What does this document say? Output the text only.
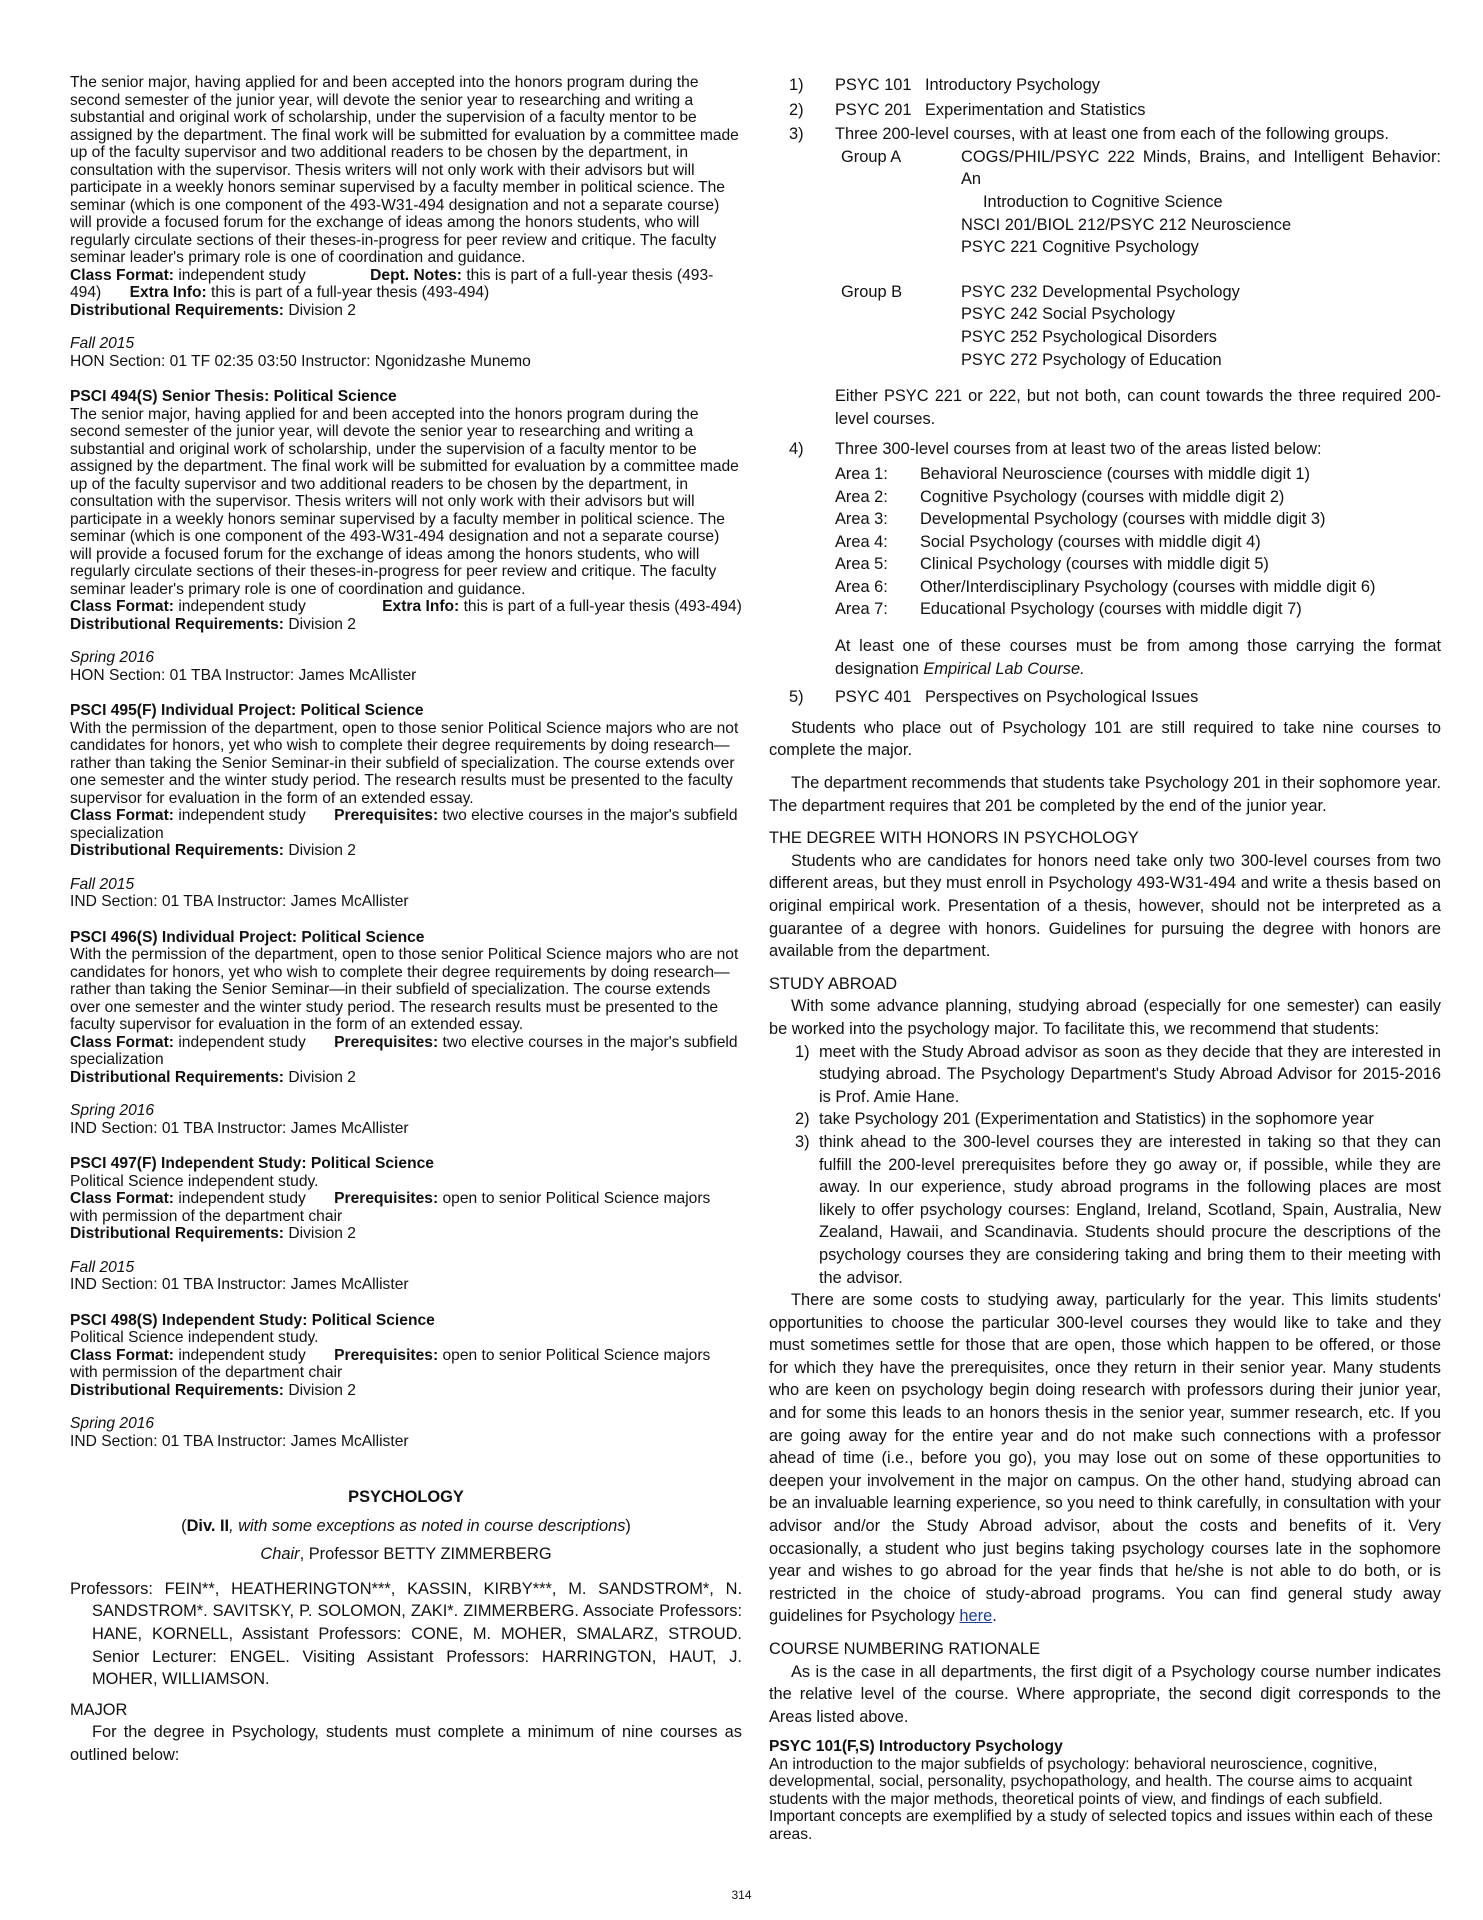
The senior major, having applied for and been accepted into the honors program during the second semester of the junior year, will devote the senior year to researching and writing a substantial and original work of scholarship, under the supervision of a faculty mentor to be assigned by the department. The final work will be submitted for evaluation by a committee made up of the faculty supervisor and two additional readers to be chosen by the department, in consultation with the supervisor. Thesis writers will not only work with their advisors but will participate in a weekly honors seminar supervised by a faculty member in political science. The seminar (which is one component of the 493-W31-494 designation and not a separate course) will provide a focused forum for the exchange of ideas among the honors students, who will regularly circulate sections of their theses-in-progress for peer review and critique. The faculty seminar leader's primary role is one of coordination and guidance.

Class Format: independent study	Dept. Notes: this is part of a full-year thesis (493-494) Extra Info: this is part of a full-year thesis (493-494)

Distributional Requirements: Division 2

Fall 2015

HON Section: 01 TF 02:35 03:50 Instructor: Ngonidzashe Munemo

PSCI 494(S) Senior Thesis: Political Science

The senior major, having applied for and been accepted into the honors program during the second semester of the junior year, will devote the senior year to researching and writing a substantial and original work of scholarship, under the supervision of a faculty mentor to be assigned by the department. The final work will be submitted for evaluation by a committee made up of the faculty supervisor and two additional readers to be chosen by the department, in consultation with the supervisor. Thesis writers will not only work with their advisors but will participate in a weekly honors seminar supervised by a faculty member in political science. The seminar (which is one component of the 493-W31-494 designation and not a separate course) will provide a focused forum for the exchange of ideas among the honors students, who will regularly circulate sections of their theses-in-progress for peer review and critique. The faculty seminar leader's primary role is one of coordination and guidance.

Class Format: independent study	Extra Info: this is part of a full-year thesis (493-494)

Distributional Requirements: Division 2

Spring 2016

HON Section: 01 TBA Instructor: James McAllister

PSCI 495(F) Individual Project: Political Science

With the permission of the department, open to those senior Political Science majors who are not candidates for honors, yet who wish to complete their degree requirements by doing research—rather than taking the Senior Seminar-in their subfield of specialization. The course extends over one semester and the winter study period. The research results must be presented to the faculty supervisor for evaluation in the form of an extended essay.

Class Format: independent study Prerequisites: two elective courses in the major's subfield specialization

Distributional Requirements: Division 2

Fall 2015

IND Section: 01 TBA Instructor: James McAllister

PSCI 496(S) Individual Project: Political Science

With the permission of the department, open to those senior Political Science majors who are not candidates for honors, yet who wish to complete their degree requirements by doing research—rather than taking the Senior Seminar—in their subfield of specialization. The course extends over one semester and the winter study period. The research results must be presented to the faculty supervisor for evaluation in the form of an extended essay.

Class Format: independent study Prerequisites: two elective courses in the major's subfield specialization

Distributional Requirements: Division 2

Spring 2016

IND Section: 01 TBA Instructor: James McAllister

PSCI 497(F) Independent Study: Political Science

Political Science independent study.

Class Format: independent study Prerequisites: open to senior Political Science majors with permission of the department chair

Distributional Requirements: Division 2

Fall 2015

IND Section: 01 TBA Instructor: James McAllister

PSCI 498(S) Independent Study: Political Science

Political Science independent study.

Class Format: independent study Prerequisites: open to senior Political Science majors with permission of the department chair

Distributional Requirements: Division 2

Spring 2016

IND Section: 01 TBA Instructor: James McAllister

PSYCHOLOGY

(Div. II, with some exceptions as noted in course descriptions)

Chair, Professor BETTY ZIMMERBERG

Professors: FEIN**, HEATHERINGTON***, KASSIN, KIRBY***, M. SANDSTROM*, N. SANDSTROM*. SAVITSKY, P. SOLOMON, ZAKI*. ZIMMERBERG. Associate Professors: HANE, KORNELL, Assistant Professors: CONE, M. MOHER, SMALARZ, STROUD. Senior Lecturer: ENGEL. Visiting Assistant Professors: HARRINGTON, HAUT, J. MOHER, WILLIAMSON.

MAJOR

For the degree in Psychology, students must complete a minimum of nine courses as outlined below:

1)	PSYC 101 Introductory Psychology
2)	PSYC 201 Experimentation and Statistics
3)	Three 200-level courses, with at least one from each of the following groups.
Group A	COGS/PHIL/PSYC 222 Minds, Brains, and Intelligent Behavior: An
Introduction to Cognitive Science
NSCI 201/BIOL 212/PSYC 212 Neuroscience
PSYC 221 Cognitive Psychology
Group B	PSYC 232 Developmental Psychology
PSYC 242 Social Psychology
PSYC 252 Psychological Disorders
PSYC 272 Psychology of Education

Either PSYC 221 or 222, but not both, can count towards the three required 200-level courses.

4)	Three 300-level courses from at least two of the areas listed below:
Area 1:	Behavioral Neuroscience (courses with middle digit 1)
Area 2:	Cognitive Psychology (courses with middle digit 2)
Area 3:	Developmental Psychology (courses with middle digit 3)
Area 4:	Social Psychology (courses with middle digit 4)
Area 5:	Clinical Psychology (courses with middle digit 5)
Area 6:	Other/Interdisciplinary Psychology (courses with middle digit 6)
Area 7:	Educational Psychology (courses with middle digit 7)

At least one of these courses must be from among those carrying the format designation Empirical Lab Course.

5)	PSYC 401 Perspectives on Psychological Issues

Students who place out of Psychology 101 are still required to take nine courses to complete the major.

The department recommends that students take Psychology 201 in their sophomore year. The department requires that 201 be completed by the end of the junior year.

THE DEGREE WITH HONORS IN PSYCHOLOGY

Students who are candidates for honors need take only two 300-level courses from two different areas, but they must enroll in Psychology 493-W31-494 and write a thesis based on original empirical work. Presentation of a thesis, however, should not be interpreted as a guarantee of a degree with honors. Guidelines for pursuing the degree with honors are available from the department.

STUDY ABROAD

With some advance planning, studying abroad (especially for one semester) can easily be worked into the psychology major. To facilitate this, we recommend that students:

1) meet with the Study Abroad advisor as soon as they decide that they are interested in studying abroad. The Psychology Department's Study Abroad Advisor for 2015-2016 is Prof. Amie Hane.
2) take Psychology 201 (Experimentation and Statistics) in the sophomore year
3) think ahead to the 300-level courses they are interested in taking so that they can fulfill the 200-level prerequisites before they go away or, if possible, while they are away. In our experience, study abroad programs in the following places are most likely to offer psychology courses: England, Ireland, Scotland, Spain, Australia, New Zealand, Hawaii, and Scandinavia. Students should procure the descriptions of the psychology courses they are considering taking and bring them to their meeting with the advisor.

There are some costs to studying away, particularly for the year. This limits students' opportunities to choose the particular 300-level courses they would like to take and they must sometimes settle for those that are open, those which happen to be offered, or those for which they have the prerequisites, once they return in their senior year. Many students who are keen on psychology begin doing research with professors during their junior year, and for some this leads to an honors thesis in the senior year, summer research, etc. If you are going away for the entire year and do not make such connections with a professor ahead of time (i.e., before you go), you may lose out on some of these opportunities to deepen your involvement in the major on campus. On the other hand, studying abroad can be an invaluable learning experience, so you need to think carefully, in consultation with your advisor and/or the Study Abroad advisor, about the costs and benefits of it. Very occasionally, a student who just begins taking psychology courses late in the sophomore year and wishes to go abroad for the year finds that he/she is not able to do both, or is restricted in the choice of study-abroad programs. You can find general study away guidelines for Psychology here.

COURSE NUMBERING RATIONALE

As is the case in all departments, the first digit of a Psychology course number indicates the relative level of the course. Where appropriate, the second digit corresponds to the Areas listed above.

PSYC 101(F,S) Introductory Psychology

An introduction to the major subfields of psychology: behavioral neuroscience, cognitive, developmental, social, personality, psychopathology, and health. The course aims to acquaint students with the major methods, theoretical points of view, and findings of each subfield. Important concepts are exemplified by a study of selected topics and issues within each of these areas.

314
